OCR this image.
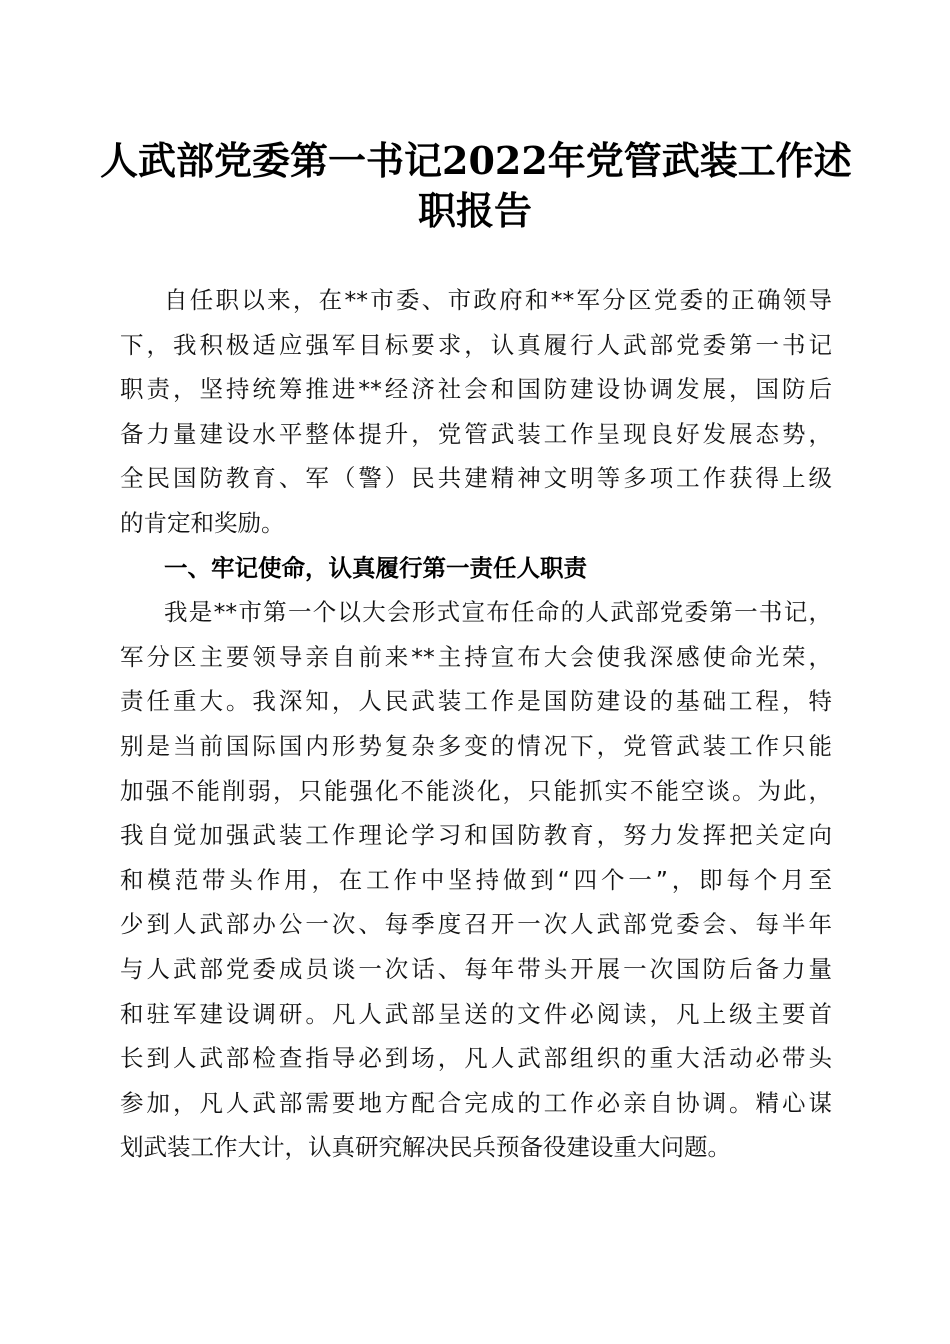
人武部党委第一书记2022年党管武装工作述
职报告
自任职以来，在**市委、市政府和**军分区党委的正确领导
下，我积极适应强军目标要求，认真履行人武部党委第一书记
职责，坚持统筹推进**经济社会和国防建设协调发展，国防后
备力量建设水平整体提升，党管武装工作呈现良好发展态势，
全民国防教育、军（警）民共建精神文明等多项工作获得上级
的肯定和奖励。
一、牢记使命，认真履行第一责任人职责
我是**市第一个以大会形式宣布任命的人武部党委第一书记，
军分区主要领导亲自前来**主持宣布大会使我深感使命光荣，
责任重大。我深知，人民武装工作是国防建设的基础工程，特
别是当前国际国内形势复杂多变的情况下，党管武装工作只能
加强不能削弱，只能强化不能淡化，只能抓实不能空谈。为此，
我自觉加强武装工作理论学习和国防教育，努力发挥把关定向
和模范带头作用，在工作中坚持做到“四个一”，即每个月至
少到人武部办公一次、每季度召开一次人武部党委会、每半年
与人武部党委成员谈一次话、每年带头开展一次国防后备力量
和驻军建设调研。凡人武部呈送的文件必阅读，凡上级主要首
长到人武部检查指导必到场，凡人武部组织的重大活动必带头
参加，凡人武部需要地方配合完成的工作必亲自协调。精心谋
划武装工作大计，认真研究解决民兵预备役建设重大问题。
